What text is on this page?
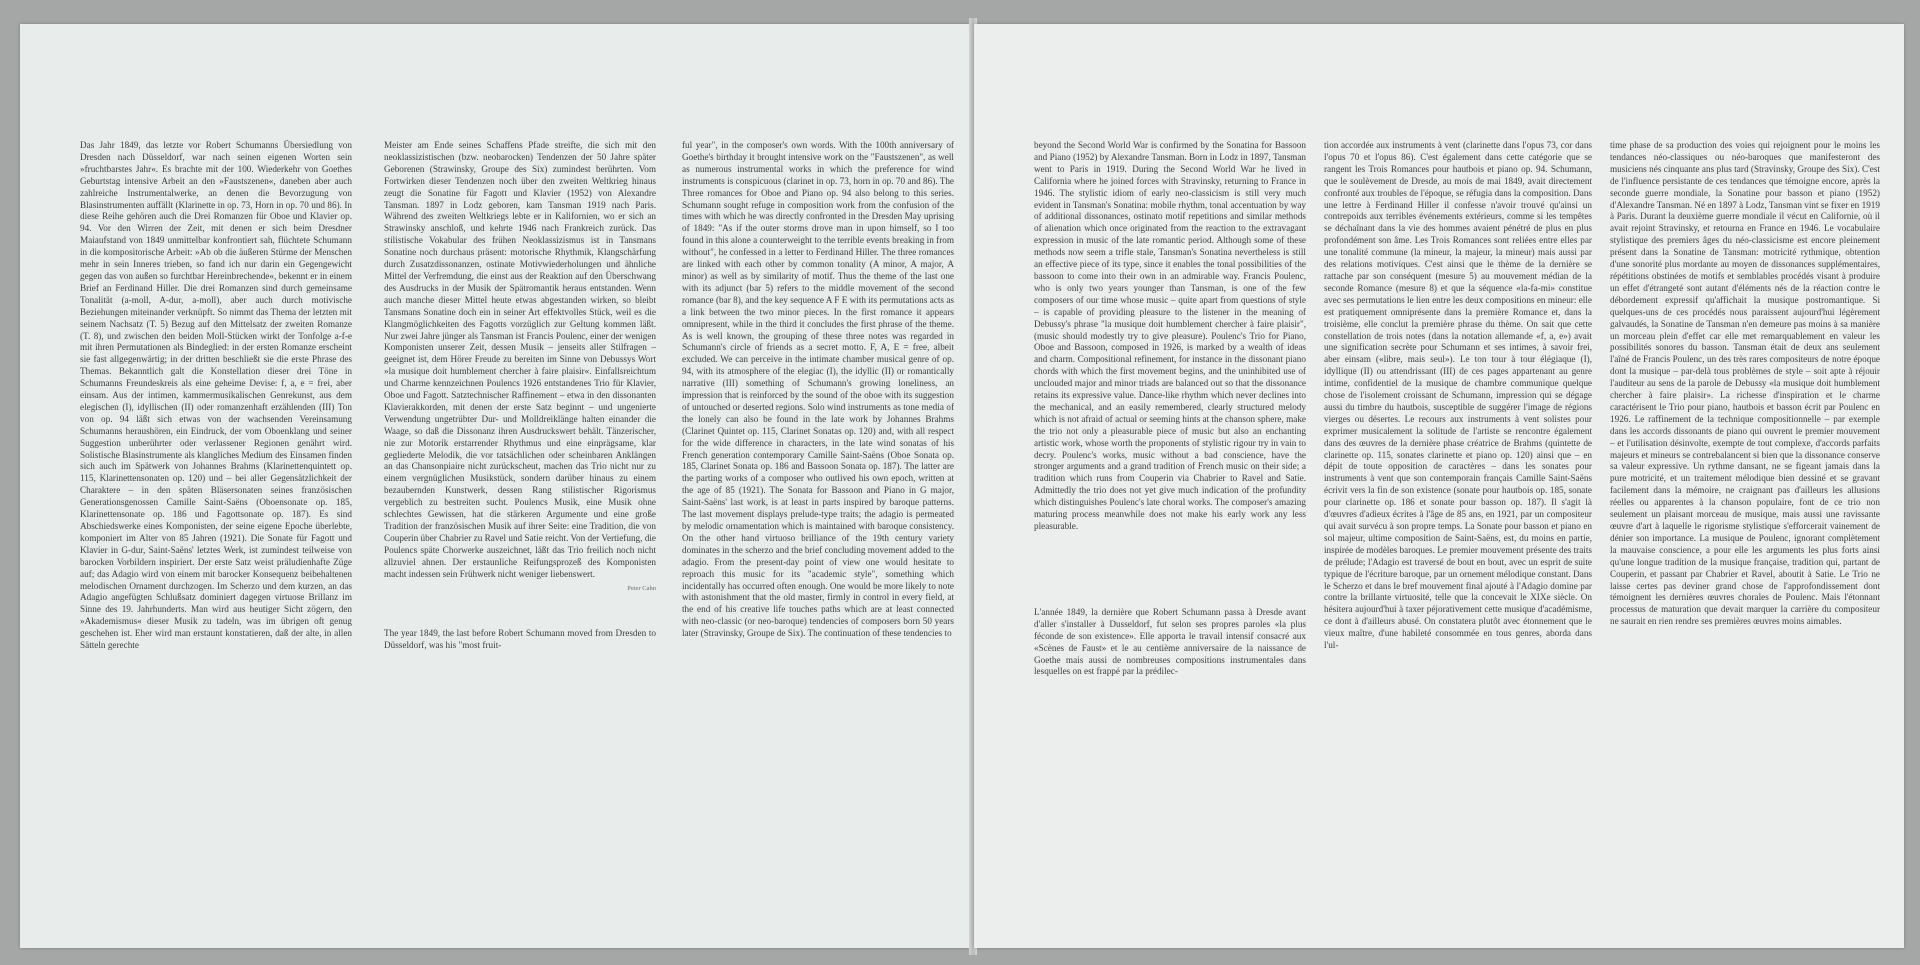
Das Jahr 1849, das letzte vor Robert Schumanns Übersiedlung von Dresden nach Düsseldorf, war nach seinen eigenen Worten sein »fruchtbarstes Jahr«. Es brachte mit der 100. Wiederkehr von Goethes Geburtstag intensive Arbeit an den »Faustszenen«, daneben aber auch zahlreiche Instrumentalwerke, an denen die Bevorzugung von Blasinstrumenten auffällt (Klarinette in op. 73, Horn in op. 70 und 86). In diese Reihe gehören auch die Drei Romanzen für Oboe und Klavier op. 94. Vor den Wirren der Zeit, mit denen er sich beim Dresdner Maiaufstand von 1849 unmittelbar konfrontiert sah, flüchtete Schumann in die kompositorische Arbeit: »Ab ob die äußeren Stürme der Menschen mehr in sein Inneres trieben, so fand ich nur darin ein Gegengewicht gegen das von außen so furchtbar Hereinbrechende«, bekennt er in einem Brief an Ferdinand Hiller. Die drei Romanzen sind durch gemeinsame Tonalität (a-moll, A-dur, a-moll), aber auch durch motivische Beziehungen miteinander verknüpft. So nimmt das Thema der letzten mit seinem Nachsatz (T. 5) Bezug auf den Mittelsatz der zweiten Romanze (T. 8), und zwischen den beiden Moll-Stücken wirkt der Tonfolge a-f-e mit ihren Permutationen als Bindeglied: in der ersten Romanze erscheint sie fast allgegenwärtig; in der dritten beschließt sie die erste Phrase des Themas. Bekanntlich galt die Konstellation dieser drei Töne in Schumanns Freundeskreis als eine geheime Devise: f, a, e = frei, aber einsam. Aus der intimen, kammermusikalischen Genrekunst, aus dem elegischen (I), idyllischen (II) oder romanzenhaft erzählenden (III) Ton von op. 94 läßt sich etwas von der wachsenden Vereinsamung Schumanns heraushören, ein Eindruck, der vom Oboenklang und seiner Suggestion unberührter oder verlassener Regionen genährt wird. Solistische Blasinstrumente als klangliches Medium des Einsamen finden sich auch im Spätwerk von Johannes Brahms (Klarinettenquintett op. 115, Klarinettensonaten op. 120) und – bei aller Gegensätzlichkeit der Charaktere – in den späten Bläsersonaten seines französischen Generationsgenossen Camille Saint-Saëns (Oboensonate op. 185, Klarinettensonate op. 186 und Fagottsonate op. 187). Es sind Abschiedswerke eines Komponisten, der seine eigene Epoche überlebte, komponiert im Alter von 85 Jahren (1921). Die Sonate für Fagott und Klavier in G-dur, Saint-Saëns' letztes Werk, ist zumindest teilweise von barocken Vorbildern inspiriert. Der erste Satz weist präludienhafte Züge auf; das Adagio wird von einem mit barocker Konsequenz beibehaltenen melodischen Ornament durchzogen. Im Scherzo und dem kurzen, an das Adagio angefügten Schlußsatz dominiert dagegen virtuose Brillanz im Sinne des 19. Jahrhunderts. Man wird aus heutiger Sicht zögern, den »Akademismus« dieser Musik zu tadeln, was im übrigen oft genug geschehen ist. Eher wird man erstaunt konstatieren, daß der alte, in allen Sätteln gerechte

Meister am Ende seines Schaffens Pfade streifte, die sich mit den neoklassizistischen (bzw. neobarocken) Tendenzen der 50 Jahre später Geborenen (Strawinsky, Groupe des Six) zumindest berührten. Vom Fortwirken dieser Tendenzen noch über den zweiten Weltkrieg hinaus zeugt die Sonatine für Fagott und Klavier (1952) von Alexandre Tansman. 1897 in Lodz geboren, kam Tansman 1919 nach Paris. Während des zweiten Weltkriegs lebte er in Kalifornien, wo er sich an Strawinsky anschloß, und kehrte 1946 nach Frankreich zurück. Das stilistische Vokabular des frühen Neoklassizismus ist in Tansmans Sonatine noch durchaus präsent: motorische Rhythmik, Klangschärfung durch Zusatzdissonanzen, ostinate Motivwiederholungen und ähnliche Mittel der Verfremdung, die einst aus der Reaktion auf den Überschwang des Ausdrucks in der Musik der Spätromantik heraus entstanden. Wenn auch manche dieser Mittel heute etwas abgestanden wirken, so bleibt Tansmans Sonatine doch ein in seiner Art effektvolles Stück, weil es die Klangmöglichkeiten des Fagotts vorzüglich zur Geltung kommen läßt. Nur zwei Jahre jünger als Tansman ist Francis Poulenc, einer der wenigen Komponisten unserer Zeit, dessen Musik – jenseits aller Stilfragen – geeignet ist, dem Hörer Freude zu bereiten im Sinne von Debussys Wort »la musique doit humblement chercher à faire plaisir«. Einfallsreichtum und Charme kennzeichnen Poulencs 1926 entstandenes Trio für Klavier, Oboe und Fagott. Satztechnischer Raffinement – etwa in den dissonanten Klavierakkorden, mit denen der erste Satz beginnt – und ungenierte Verwendung ungetrübter Dur- und Molldreiklänge halten einander die Waage, so daß die Dissonanz ihren Ausdruckswert behält. Tänzerischer, nie zur Motorik erstarrender Rhythmus und eine einprägsame, klar gegliederte Melodik, die vor tatsächlichen oder scheinbaren Anklängen an das Chansonpiaire nicht zurückscheut, machen das Trio nicht nur zu einem vergnüglichen Musikstück, sondern darüber hinaus zu einem bezaubernden Kunstwerk, dessen Rang stilistischer Rigorismus vergeblich zu bestreiten sucht. Poulencs Musik, eine Musik ohne schlechtes Gewissen, hat die stärkeren Argumente und eine große Tradition der französischen Musik auf ihrer Seite: eine Tradition, die von Couperin über Chabrier zu Ravel und Satie reicht. Von der Vertiefung, die Poulencs späte Chorwerke auszeichnet, läßt das Trio freilich noch nicht allzuviel ahnen. Der erstaunliche Reifungsprozeß des Komponisten macht indessen sein Frühwerk nicht weniger liebenswert.

Peter Cahn

The year 1849, the last before Robert Schumann moved from Dresden to Düsseldorf, was his "most fruit-

ful year", in the composer's own words. With the 100th anniversary of Goethe's birthday it brought intensive work on the "Faustszenen", as well as numerous instrumental works in which the preference for wind instruments is conspicuous (clarinet in op. 73, horn in op. 70 and 86). The Three romances for Oboe and Piano op. 94 also belong to this series. Schumann sought refuge in composition work from the confusion of the times with which he was directly confronted in the Dresden May uprising of 1849: "As if the outer storms drove man in upon himself, so I too found in this alone a counterweight to the terrible events breaking in from without", he confessed in a letter to Ferdinand Hiller. The three romances are linked with each other by common tonality (A minor, A major, A minor) as well as by similarity of motif. Thus the theme of the last one with its adjunct (bar 5) refers to the middle movement of the second romance (bar 8), and the key sequence A F E with its permutations acts as a link between the two minor pieces. In the first romance it appears omnipresent, while in the third it concludes the first phrase of the theme. As is well known, the grouping of these three notes was regarded in Schumann's circle of friends as a secret motto. F, A, E = free, albeit excluded. We can perceive in the intimate chamber musical genre of op. 94, with its atmosphere of the elegiac (I), the idyllic (II) or romantically narrative (III) something of Schumann's growing loneliness, an impression that is reinforced by the sound of the oboe with its suggestion of untouched or deserted regions. Solo wind instruments as tone media of the lonely can also be found in the late work by Johannes Brahms (Clarinet Quintet op. 115, Clarinet Sonatas op. 120) and, with all respect for the wide difference in characters, in the late wind sonatas of his French generation contemporary Camille Saint-Saëns (Oboe Sonata op. 185, Clarinet Sonata op. 186 and Bassoon Sonata op. 187). The latter are the parting works of a composer who outlived his own epoch, written at the age of 85 (1921). The Sonata for Bassoon and Piano in G major, Saint-Saëns' last work, is at least in parts inspired by baroque patterns. The last movement displays prelude-type traits; the adagio is permeated by melodic ornamentation which is maintained with baroque consistency. On the other hand virtuoso brilliance of the 19th century variety dominates in the scherzo and the brief concluding movement added to the adagio. From the present-day point of view one would hesitate to reproach this music for its "academic style", something which incidentally has occurred often enough. One would be more likely to note with astonishment that the old master, firmly in control in every field, at the end of his creative life touches paths which are at least connected with neo-classic (or neo-baroque) tendencies of composers born 50 years later (Stravinsky, Groupe de Six). The continuation of these tendencies to

beyond the Second World War is confirmed by the Sonatina for Bassoon and Piano (1952) by Alexandre Tansman. Born in Lodz in 1897, Tansman went to Paris in 1919. During the Second World War he lived in California where he joined forces with Stravinsky, returning to France in 1946. The stylistic idiom of early neo-classicism is still very much evident in Tansman's Sonatina: mobile rhythm, tonal accentuation by way of additional dissonances, ostinato motif repetitions and similar methods of alienation which once originated from the reaction to the extravagant expression in music of the late romantic period. Although some of these methods now seem a trifle stale, Tansman's Sonatina nevertheless is still an effective piece of its type, since it enables the tonal possibilities of the bassoon to come into their own in an admirable way. Francis Poulenc, who is only two years younger than Tansman, is one of the few composers of our time whose music – quite apart from questions of style – is capable of providing pleasure to the listener in the meaning of Debussy's phrase "la musique doit humblement chercher à faire plaisir", (music should modestly try to give pleasure). Poulenc's Trio for Piano, Oboe and Bassoon, composed in 1926, is marked by a wealth of ideas and charm. Compositional refinement, for instance in the dissonant piano chords with which the first movement begins, and the uninhibited use of unclouded major and minor triads are balanced out so that the dissonance retains its expressive value. Dance-like rhythm which never declines into the mechanical, and an easily remembered, clearly structured melody which is not afraid of actual or seeming hints at the chanson sphere, make the trio not only a pleasurable piece of music but also an enchanting artistic work, whose worth the proponents of stylistic rigour try in vain to decry. Poulenc's works, music without a bad conscience, have the stronger arguments and a grand tradition of French music on their side; a tradition which runs from Couperin via Chabrier to Ravel and Satie. Admittedly the trio does not yet give much indication of the profundity which distinguishes Poulenc's late choral works. The composer's amazing maturing process meanwhile does not make his early work any less pleasurable.

L'année 1849, la dernière que Robert Schumann passa à Dresde avant d'aller s'installer à Dusseldorf, fut selon ses propres paroles «la plus féconde de son existence». Elle apporta le travail intensif consacré aux «Scènes de Faust» et le au centième anniversaire de la naissance de Goethe mais aussi de nombreuses compositions instrumentales dans lesquelles on est frappé par la prédilec-

tion accordée aux instruments à vent (clarinette dans l'opus 73, cor dans l'opus 70 et l'opus 86). C'est également dans cette catégorie que se rangent les Trois Romances pour hautbois et piano op. 94. Schumann, que le soulèvement de Dresde, au mois de mai 1849, avait directement confronté aux troubles de l'époque, se réfugia dans la composition. Dans une lettre à Ferdinand Hiller il confesse n'avoir trouvé qu'ainsi un contrepoids aux terribles événements extérieurs, comme si les tempêtes se déchaînant dans la vie des hommes avaient pénétré de plus en plus profondément son âme. Les Trois Romances sont reliées entre elles par une tonalité commune (la mineur, la majeur, la mineur) mais aussi par des relations motivíques. C'est ainsi que le thème de la dernière se rattache par son conséquent (mesure 5) au mouvement médian de la seconde Romance (mesure 8) et que la séquence «la-fa-mi» constitue avec ses permutations le lien entre les deux compositions en mineur: elle est pratiquement omniprésente dans la première Romance et, dans la troisième, elle conclut la première phrase du thème. On sait que cette constellation de trois notes (dans la notation allemande «f, a, e») avait une signification secrète pour Schumann et ses intimes, à savoir frei, aber einsam («libre, mais seul»). Le ton tour à tour élégiaque (I), idyllique (II) ou attendrissant (III) de ces pages appartenant au genre intime, confidentiel de la musique de chambre communique quelque chose de l'isolement croissant de Schumann, impression qui se dégage aussi du timbre du hautbois, susceptible de suggérer l'image de régions vierges ou désertes. Le recours aux instruments à vent solistes pour exprimer musicalement la solitude de l'artiste se rencontre également dans des œuvres de la dernière phase créatrice de Brahms (quintette de clarinette op. 115, sonates clarinette et piano op. 120) ainsi que – en dépit de toute opposition de caractères – dans les sonates pour instruments à vent que son contemporain français Camille Saint-Saëns écrivit vers la fin de son existence (sonate pour hautbois op. 185, sonate pour clarinette op. 186 et sonate pour basson op. 187). Il s'agit là d'œuvres d'adieux écrites à l'âge de 85 ans, en 1921, par un compositeur qui avait survécu à son propre temps. La Sonate pour basson et piano en sol majeur, ultime composition de Saint-Saëns, est, du moins en partie, inspirée de modèles baroques. Le premier mouvement présente des traits de prélude; l'Adagio est traversé de bout en bout, avec un esprit de suite typique de l'écriture baroque, par un ornement mélodique constant. Dans le Scherzo et dans le bref mouvement final ajouté à l'Adagio domine par contre la brillante virtuosité, telle que la concevait le XIXe siècle. On hésitera aujourd'hui à taxer péjorativement cette musique d'académisme, ce dont à d'ailleurs abusé. On constatera plutôt avec étonnement que le vieux maître, d'une habileté consommée en tous genres, aborda dans l'ul-

time phase de sa production des voies qui rejoignent pour le moins les tendances néo-classiques ou néo-baroques que manifesteront des musiciens nés cinquante ans plus tard (Stravinsky, Groupe des Six). C'est de l'influence persistante de ces tendances que témoigne encore, après la seconde guerre mondiale, la Sonatine pour basson et piano (1952) d'Alexandre Tansman. Né en 1897 à Lodz, Tansman vint se fixer en 1919 à Paris. Durant la deuxième guerre mondiale il vécut en Californie, où il avait rejoint Stravinsky, et retourna en France en 1946. Le vocabulaire stylistique des premiers âges du néo-classicisme est encore pleinement présent dans la Sonatine de Tansman: motricité rythmique, obtention d'une sonorité plus mordante au moyen de dissonances supplémentaires, répétitions obstinées de motifs et semblables procédés visant à produire un effet d'étrangeté sont autant d'éléments nés de la réaction contre le débordement expressif qu'affichait la musique postromantique. Si quelques-uns de ces procédés nous paraissent aujourd'hui légèrement galvaudés, la Sonatine de Tansman n'en demeure pas moins à sa manière un morceau plein d'effet car elle met remarquablement en valeur les possibilités sonores du basson. Tansman était de deux ans seulement l'aîné de Francis Poulenc, un des très rares compositeurs de notre époque dont la musique – par-delà tous problèmes de style – soit apte à réjouir l'auditeur au sens de la parole de Debussy «la musique doit humblement chercher à faire plaisir». La richesse d'inspiration et le charme caractérisent le Trio pour piano, hautbois et basson écrit par Poulenc en 1926. Le raffinement de la technique compositionnelle – par exemple dans les accords dissonants de piano qui ouvrent le premier mouvement – et l'utilisation désinvolte, exempte de tout complexe, d'accords parfaits majeurs et mineurs se contrebalancent si bien que la dissonance conserve sa valeur expressive. Un rythme dansant, ne se figeant jamais dans la pure motricité, et un traitement mélodique bien dessiné et se gravant facilement dans la mémoire, ne craignant pas d'ailleurs les allusions réelles ou apparentes à la chanson populaire, font de ce trio non seulement un plaisant morceau de musique, mais aussi une ravissante œuvre d'art à laquelle le rigorisme stylistique s'efforcerait vainement de dénier son importance. La musique de Poulenc, ignorant complètement la mauvaise conscience, a pour elle les arguments les plus forts ainsi qu'une longue tradition de la musique française, tradition qui, partant de Couperin, et passant par Chabrier et Ravel, aboutit à Satie. Le Trio ne laisse certes pas deviner grand chose de l'approfondissement dont témoignent les dernières œuvres chorales de Poulenc. Mais l'étonnant processus de maturation que devait marquer la carrière du compositeur ne saurait en rien rendre ses premières œuvres moins aimables.
